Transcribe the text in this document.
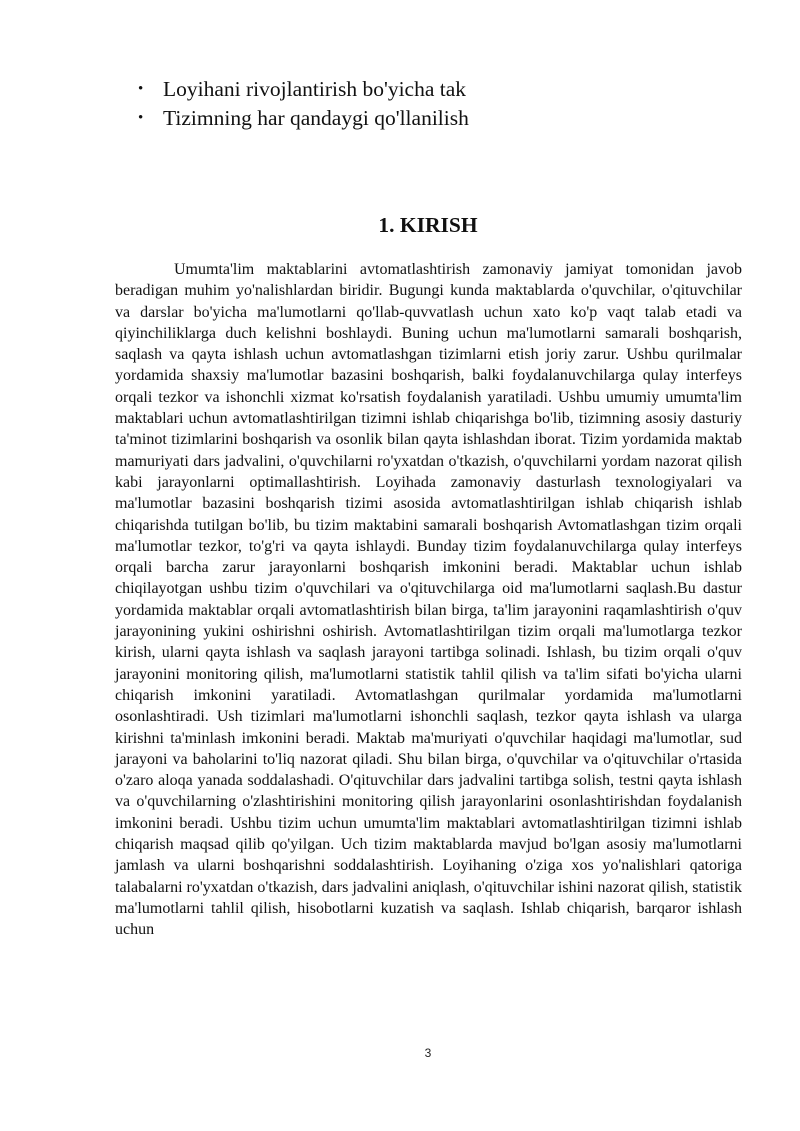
• Loyihani rivojlantirish bo'yicha tak
• Tizimning har qandaygi qo'llanilish
1. KIRISH

Umumta'lim maktablarini avtomatlashtirish zamonaviy jamiyat tomonidan javob beradigan muhim yo'nalishlardan biridir. Bugungi kunda maktablarda o'quvchilar, o'qituvchilar va darslar bo'yicha ma'lumotlarni qo'llab-quvvatlash uchun xato ko'p vaqt talab etadi va qiyinchiliklarga duch kelishni boshlaydi. Buning uchun ma'lumotlarni samarali boshqarish, saqlash va qayta ishlash uchun avtomatlashgan tizimlarni etish joriy zarur. Ushbu qurilmalar yordamida shaxsiy ma'lumotlar bazasini boshqarish, balki foydalanuvchilarga qulay interfeys orqali tezkor va ishonchli xizmat ko'rsatish foydalanish yaratiladi. Ushbu umumiy umumta'lim maktablari uchun avtomatlashtirilgan tizimni ishlab chiqarishga bo'lib, tizimning asosiy dasturiy ta'minot tizimlarini boshqarish va osonlik bilan qayta ishlashdan iborat. Tizim yordamida maktab mamuriyati dars jadvalini, o'quvchilarni ro'yxatdan o'tkazish, o'quvchilarni yordam nazorat qilish kabi jarayonlarni optimallashtirish. Loyihada zamonaviy dasturlash texnologiyalari va ma'lumotlar bazasini boshqarish tizimi asosida avtomatlashtirilgan ishlab chiqarish ishlab chiqarishda tutilgan bo'lib, bu tizim maktabini samarali boshqarish Avtomatlashgan tizim orqali ma'lumotlar tezkor, to'g'ri va qayta ishlaydi. Bunday tizim foydalanuvchilarga qulay interfeys orqali barcha zarur jarayonlarni boshqarish imkonini beradi. Maktablar uchun ishlab chiqilayotgan ushbu tizim o'quvchilari va o'qituvchilarga oid ma'lumotlarni saqlash.Bu dastur yordamida maktablar orqali avtomatlashtirish bilan birga, ta'lim jarayonini raqamlashtirish o'quv jarayonining yukini oshirishni oshirish. Avtomatlashtirilgan tizim orqali ma'lumotlarga tezkor kirish, ularni qayta ishlash va saqlash jarayoni tartibga solinadi. Ishlash, bu tizim orqali o'quv jarayonini monitoring qilish, ma'lumotlarni statistik tahlil qilish va ta'lim sifati bo'yicha ularni chiqarish imkonini yaratiladi. Avtomatlashgan qurilmalar yordamida ma'lumotlarni osonlashtiradi. Ush tizimlari ma'lumotlarni ishonchli saqlash, tezkor qayta ishlash va ularga kirishni ta'minlash imkonini beradi. Maktab ma'muriyati o'quvchilar haqidagi ma'lumotlar, sud jarayoni va baholarini to'liq nazorat qiladi. Shu bilan birga, o'quvchilar va o'qituvchilar o'rtasida o'zaro aloqa yanada soddalashadi. O'qituvchilar dars jadvalini tartibga solish, testni qayta ishlash va o'quvchilarning o'zlashtirishini monitoring qilish jarayonlarini osonlashtirishdan foydalanish imkonini beradi. Ushbu tizim uchun umumta'lim maktablari avtomatlashtirilgan tizimni ishlab chiqarish maqsad qilib qo'yilgan. Uch tizim maktablarda mavjud bo'lgan asosiy ma'lumotlarni jamlash va ularni boshqarishni soddalashtirish. Loyihaning o'ziga xos yo'nalishlari qatoriga talabalarni ro'yxatdan o'tkazish, dars jadvalini aniqlash, o'qituvchilar ishini nazorat qilish, statistik ma'lumotlarni tahlil qilish, hisobotlarni kuzatish va saqlash. Ishlab chiqarish, barqaror ishlash uchun

3
